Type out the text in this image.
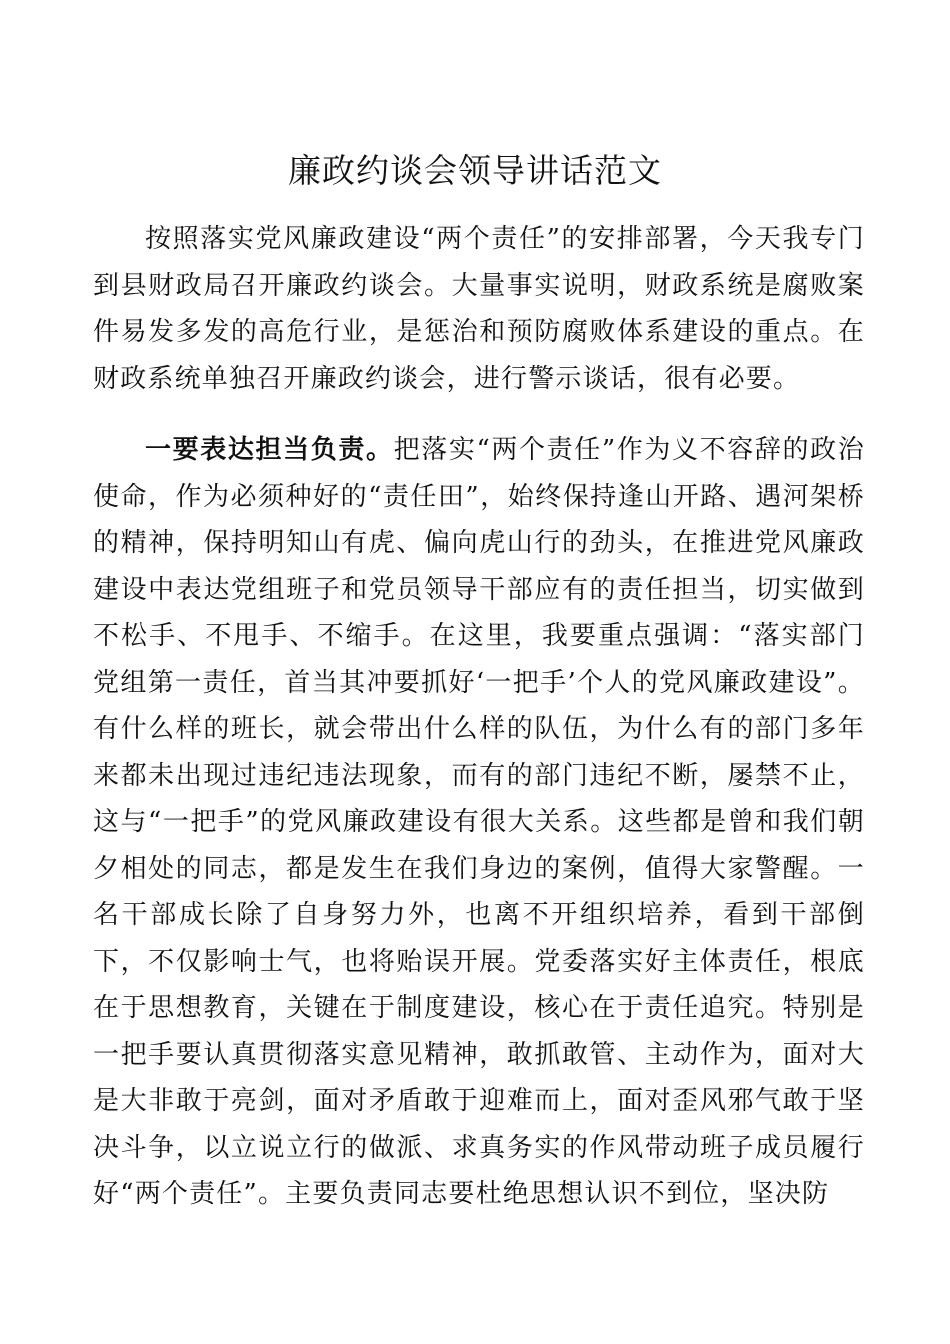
廉政约谈会领导讲话范文

按照落实党风廉政建设“两个责任”的安排部署，今天我专门到县财政局召开廉政约谈会。大量事实说明，财政系统是腐败案件易发多发的高危行业，是惩治和预防腐败体系建设的重点。在财政系统单独召开廉政约谈会，进行警示谈话，很有必要。

一要表达担当负责。把落实“两个责任”作为义不容辞的政治使命，作为必须种好的“责任田”，始终保持逢山开路、遇河架桥的精神，保持明知山有虎、偏向虎山行的劲头，在推进党风廉政建设中表达党组班子和党员领导干部应有的责任担当，切实做到不松手、不甩手、不缩手。在这里，我要重点强调：“落实部门党组第一责任，首当其冲要抓好‘一把手’个人的党风廉政建设”。有什么样的班长，就会带出什么样的队伍，为什么有的部门多年来都未出现过违纪违法现象，而有的部门违纪不断，屡禁不止，这与“一把手”的党风廉政建设有很大关系。这些都是曾和我们朝夕相处的同志，都是发生在我们身边的案例，值得大家警醒。一名干部成长除了自身努力外，也离不开组织培养，看到干部倒下，不仅影响士气，也将贻误开展。党委落实好主体责任，根底在于思想教育，关键在于制度建设，核心在于责任追究。特别是一把手要认真贯彻落实意见精神，敢抓敢管、主动作为，面对大是大非敢于亮剑，面对矛盾敢于迎难而上，面对歪风邪气敢于坚决斗争，以立说立行的做派、求真务实的作风带动班子成员履行好“两个责任”。主要负责同志要杜绝思想认识不到位，坚决防
